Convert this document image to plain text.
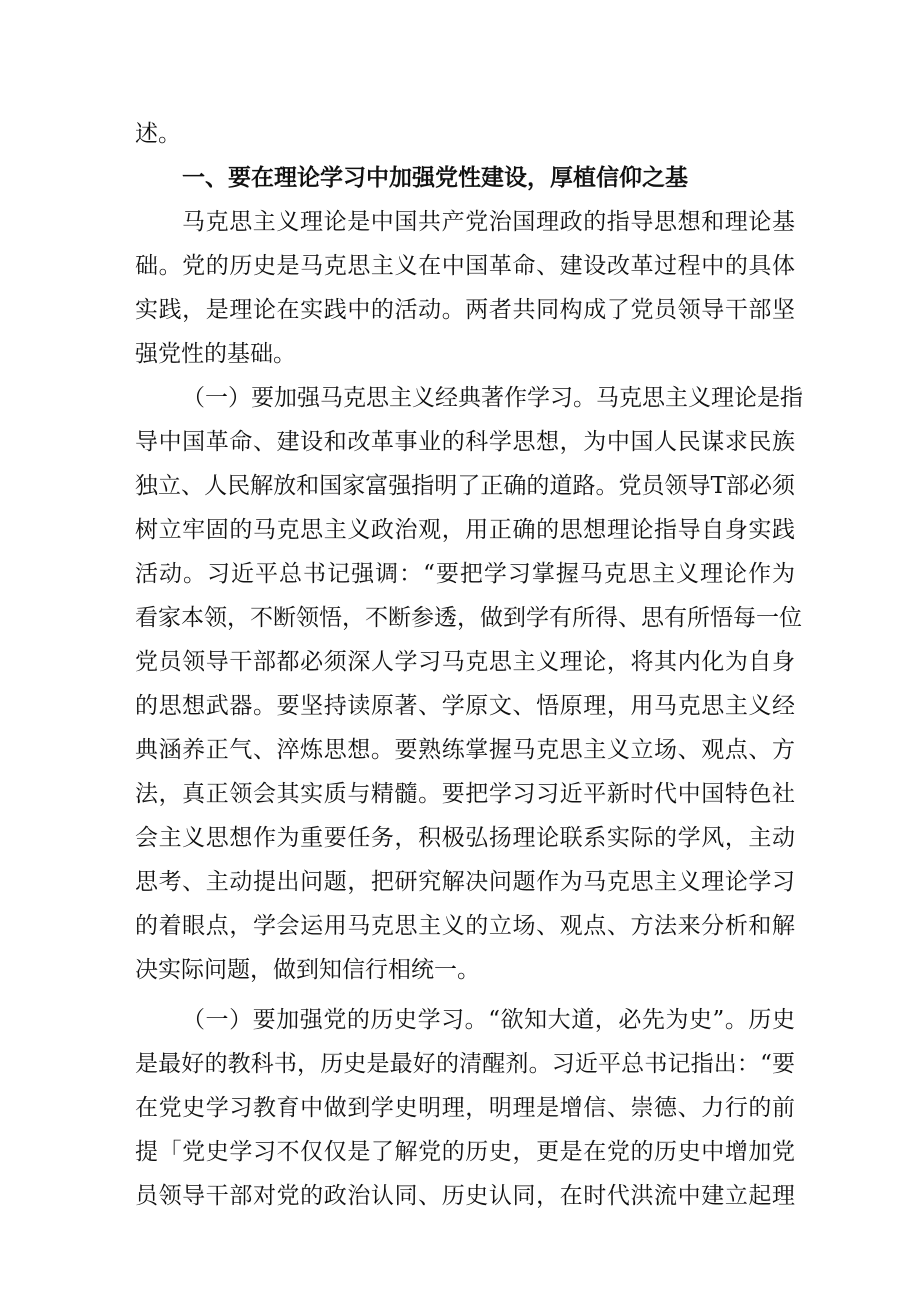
述。
一、要在理论学习中加强党性建设，厚植信仰之基
马克思主义理论是中国共产党治国理政的指导思想和理论基
础。党的历史是马克思主义在中国革命、建设改革过程中的具体
实践，是理论在实践中的活动。两者共同构成了党员领导干部坚
强党性的基础。
（一）要加强马克思主义经典著作学习。马克思主义理论是指
导中国革命、建设和改革事业的科学思想，为中国人民谋求民族
独立、人民解放和国家富强指明了正确的道路。党员领导T部必须
树立牢固的马克思主义政治观，用正确的思想理论指导自身实践
活动。习近平总书记强调：“要把学习掌握马克思主义理论作为
看家本领，不断领悟，不断参透，做到学有所得、思有所悟每一位
党员领导干部都必须深人学习马克思主义理论，将其内化为自身
的思想武器。要坚持读原著、学原文、悟原理，用马克思主义经
典涵养正气、淬炼思想。要熟练掌握马克思主义立场、观点、方
法，真正领会其实质与精髓。要把学习习近平新时代中国特色社
会主义思想作为重要任务，积极弘扬理论联系实际的学风，主动
思考、主动提出问题，把研究解决问题作为马克思主义理论学习
的着眼点，学会运用马克思主义的立场、观点、方法来分析和解
决实际问题，做到知信行相统一。
（一）要加强党的历史学习。“欲知大道，必先为史”。历史
是最好的教科书，历史是最好的清醒剂。习近平总书记指出：“要
在党史学习教育中做到学史明理，明理是增信、崇德、力行的前
提「党史学习不仅仅是了解党的历史，更是在党的历史中增加党
员领导干部对党的政治认同、历史认同，在时代洪流中建立起理
